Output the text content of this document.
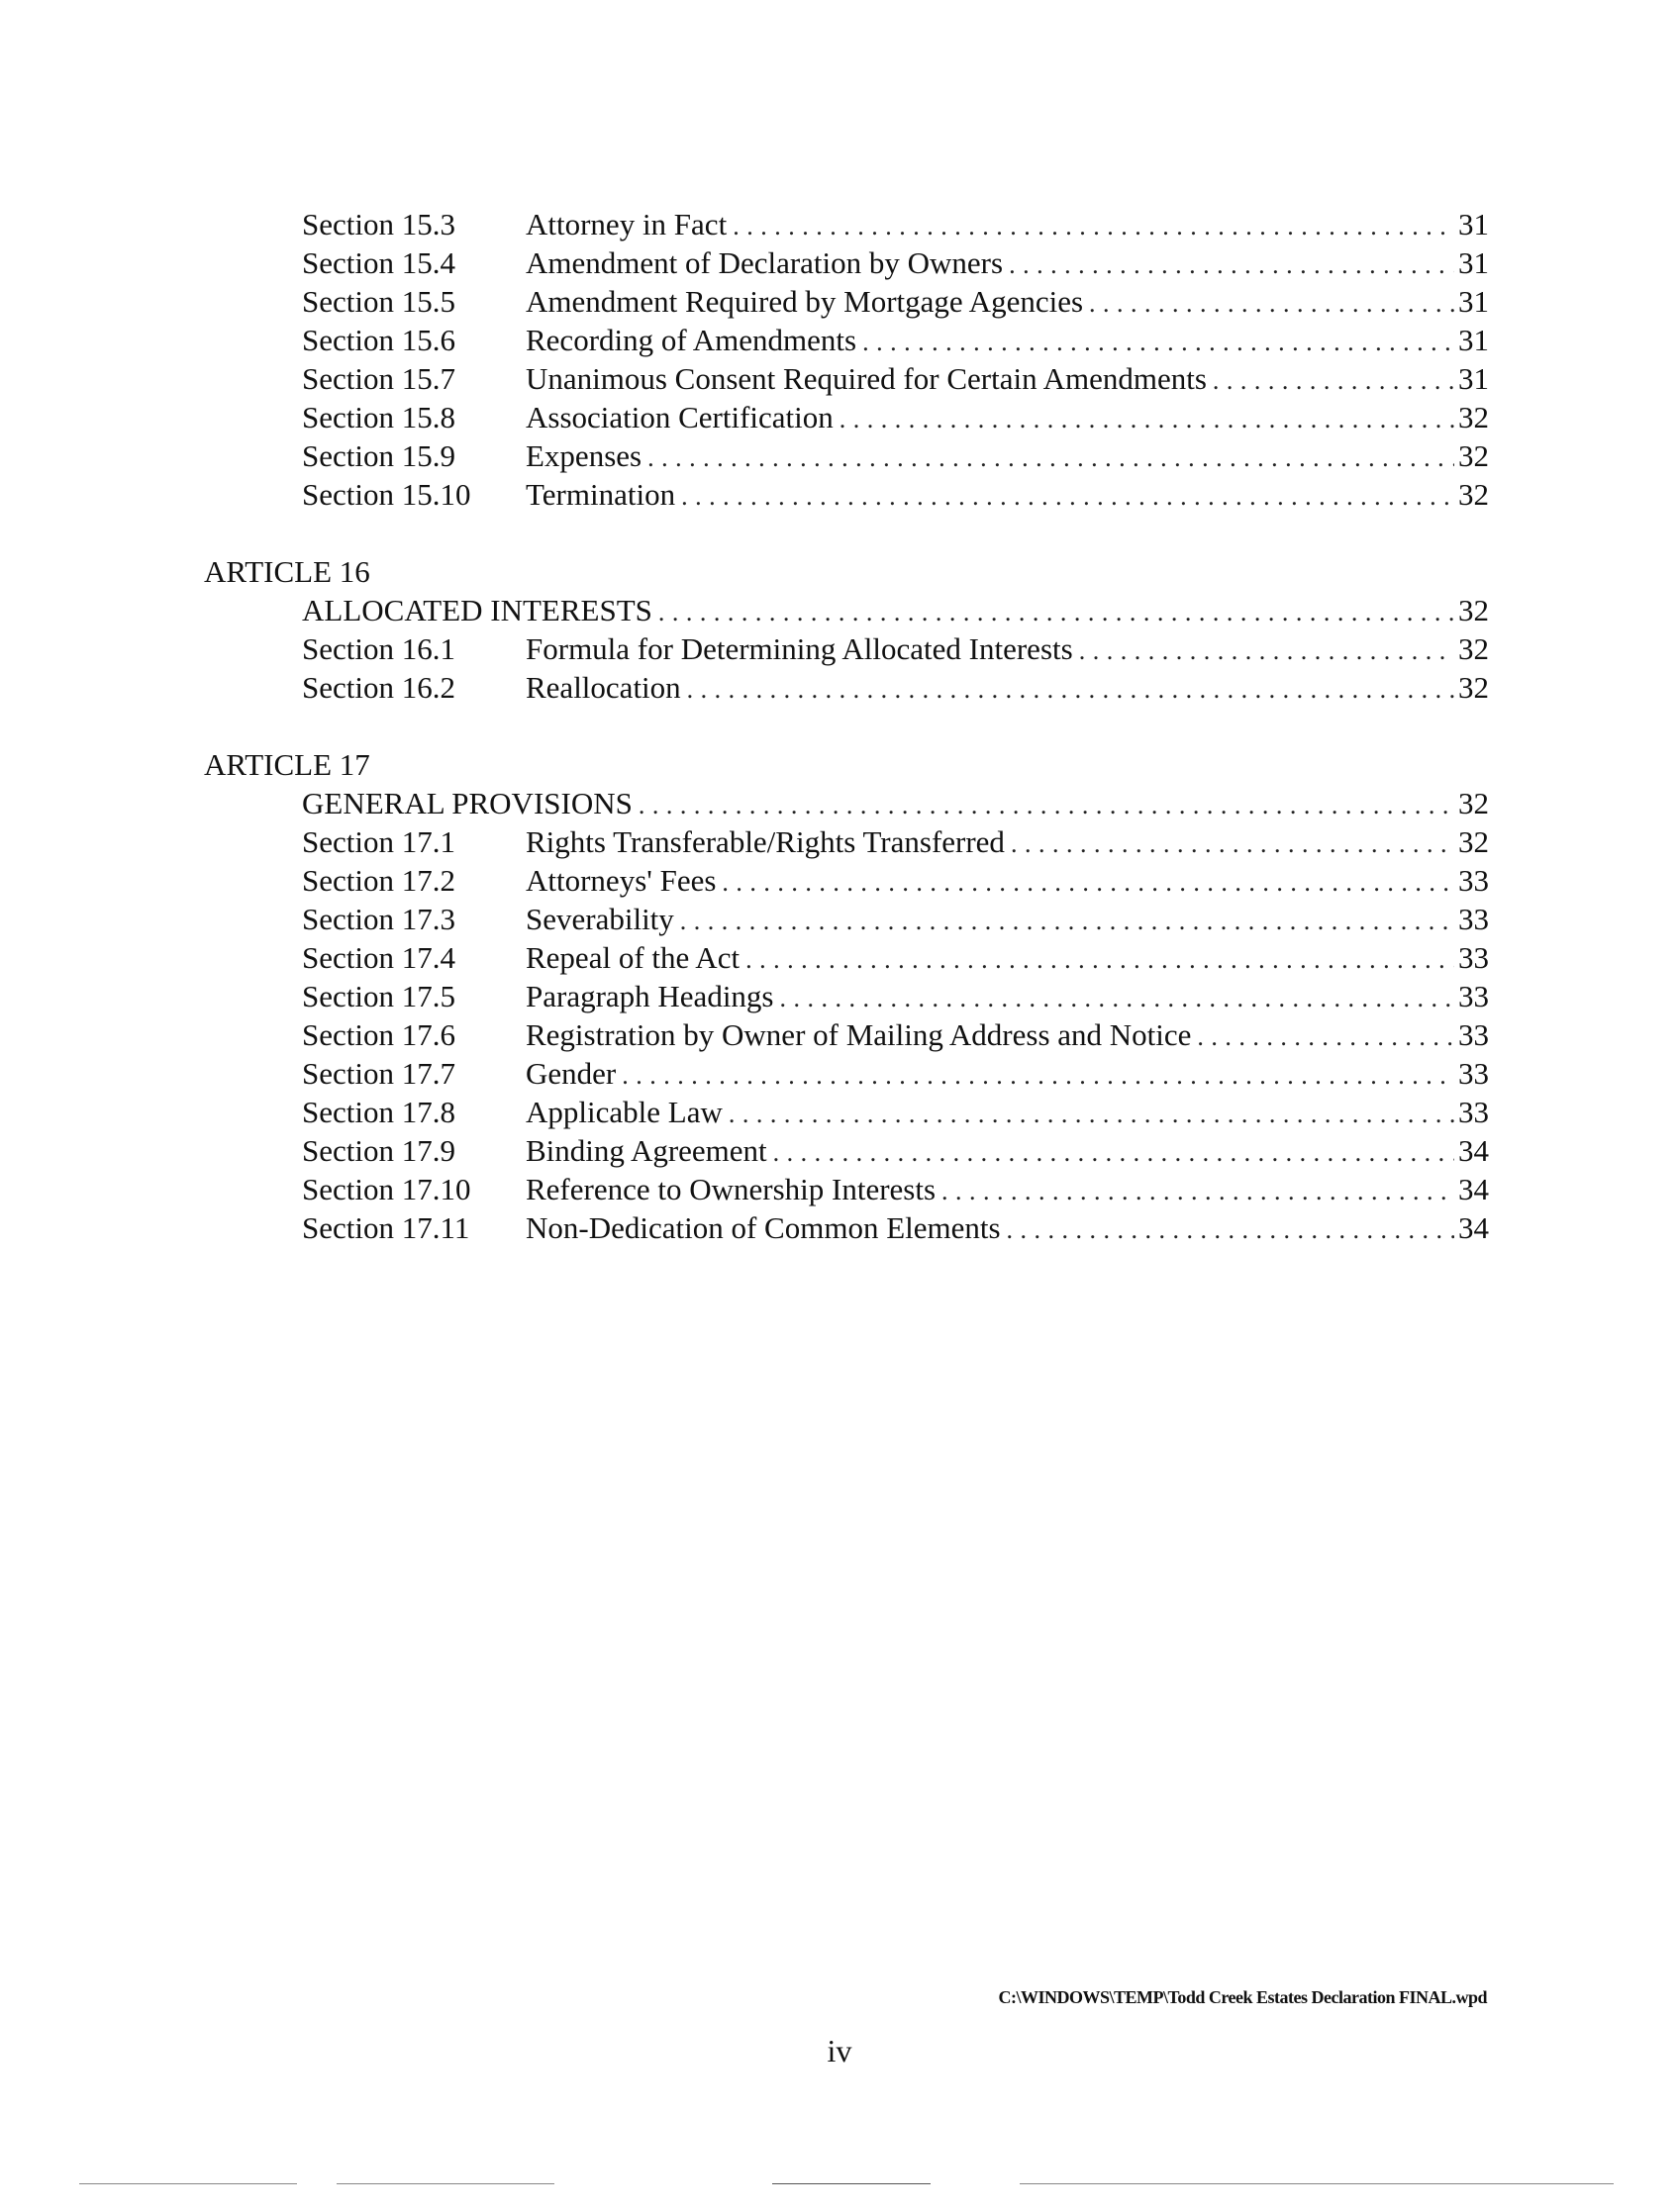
Section 15.3 Attorney in Fact .....	31
Section 15.4 Amendment of Declaration by Owners .....	31
Section 15.5 Amendment Required by Mortgage Agencies .....	31
Section 15.6 Recording of Amendments .....	31
Section 15.7 Unanimous Consent Required for Certain Amendments .....	31
Section 15.8 Association Certification .....	32
Section 15.9 Expenses .....	32
Section 15.10 Termination .....	32
ARTICLE 16
ALLOCATED INTERESTS .....	32
Section 16.1 Formula for Determining Allocated Interests .....	32
Section 16.2 Reallocation .....	32
ARTICLE 17
GENERAL PROVISIONS .....	32
Section 17.1 Rights Transferable/Rights Transferred .....	32
Section 17.2 Attorneys' Fees .....	33
Section 17.3 Severability .....	33
Section 17.4 Repeal of the Act .....	33
Section 17.5 Paragraph Headings .....	33
Section 17.6 Registration by Owner of Mailing Address and Notice .....	33
Section 17.7 Gender .....	33
Section 17.8 Applicable Law .....	33
Section 17.9 Binding Agreement .....	34
Section 17.10 Reference to Ownership Interests .....	34
Section 17.11 Non-Dedication of Common Elements .....	34
C:\WINDOWS\TEMP\Todd Creek Estates Declaration FINAL.wpd
iv
